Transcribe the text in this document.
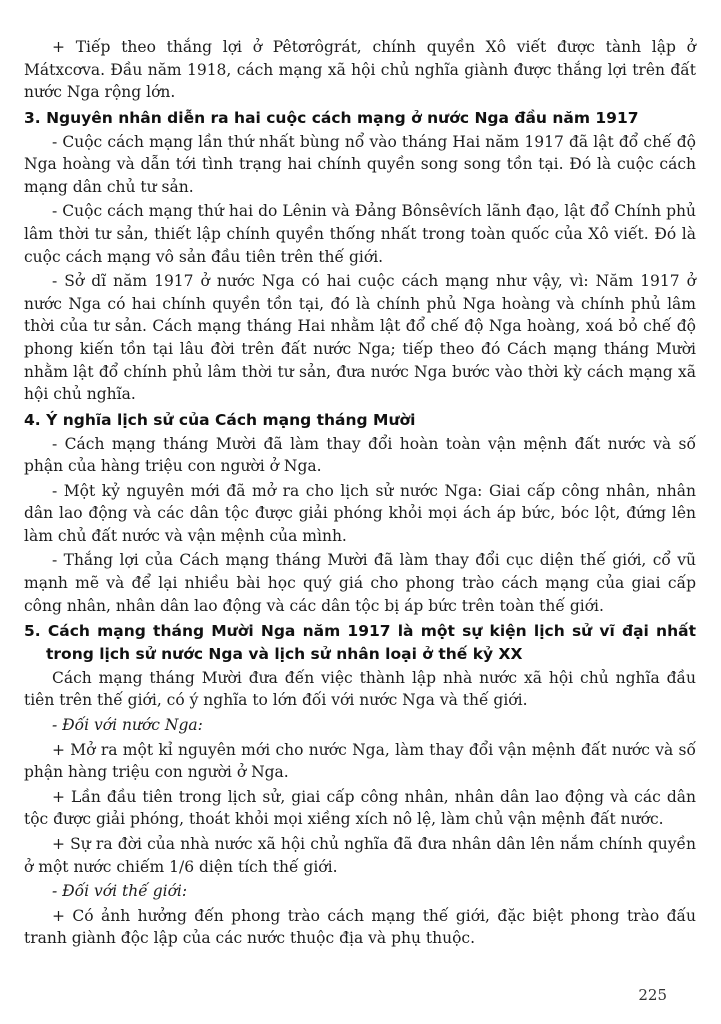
+ Tiếp theo thắng lợi ở Pêtơrôgrát, chính quyền Xô viết được tành lập ở Mátxcơva. Đầu năm 1918, cách mạng xã hội chủ nghĩa giành được thắng lợi trên đất nước Nga rộng lớn.

3. Nguyên nhân diễn ra hai cuộc cách mạng ở nước Nga đầu năm 1917

- Cuộc cách mạng lần thứ nhất bùng nổ vào tháng Hai năm 1917 đã lật đổ chế độ Nga hoàng và dẫn tới tình trạng hai chính quyền song song tồn tại. Đó là cuộc cách mạng dân chủ tư sản.

- Cuộc cách mạng thứ hai do Lênin và Đảng Bônsêvích lãnh đạo, lật đổ Chính phủ lâm thời tư sản, thiết lập chính quyền thống nhất trong toàn quốc của Xô viết. Đó là cuộc cách mạng vô sản đầu tiên trên thế giới.

- Sở dĩ năm 1917 ở nước Nga có hai cuộc cách mạng như vậy, vì: Năm 1917 ở nước Nga có hai chính quyền tồn tại, đó là chính phủ Nga hoàng và chính phủ lâm thời của tư sản. Cách mạng tháng Hai nhằm lật đổ chế độ Nga hoàng, xoá bỏ chế độ phong kiến tồn tại lâu đời trên đất nước Nga; tiếp theo đó Cách mạng tháng Mười nhằm lật đổ chính phủ lâm thời tư sản, đưa nước Nga bước vào thời kỳ cách mạng xã hội chủ nghĩa.

4. Ý nghĩa lịch sử của Cách mạng tháng Mười

- Cách mạng tháng Mười đã làm thay đổi hoàn toàn vận mệnh đất nước và số phận của hàng triệu con người ở Nga.

- Một kỷ nguyên mới đã mở ra cho lịch sử nước Nga: Giai cấp công nhân, nhân dân lao động và các dân tộc được giải phóng khỏi mọi ách áp bức, bóc lột, đứng lên làm chủ đất nước và vận mệnh của mình.

- Thắng lợi của Cách mạng tháng Mười đã làm thay đổi cục diện thế giới, cổ vũ mạnh mẽ và để lại nhiều bài học quý giá cho phong trào cách mạng của giai cấp công nhân, nhân dân lao động và các dân tộc bị áp bức trên toàn thế giới.

5. Cách mạng tháng Mười Nga năm 1917 là một sự kiện lịch sử vĩ đại nhất trong lịch sử nước Nga và lịch sử nhân loại ở thế kỷ XX

Cách mạng tháng Mười đưa đến việc thành lập nhà nước xã hội chủ nghĩa đầu tiên trên thế giới, có ý nghĩa to lớn đối với nước Nga và thế giới.

- Đối với nước Nga:

+ Mở ra một kỉ nguyên mới cho nước Nga, làm thay đổi vận mệnh đất nước và số phận hàng triệu con người ở Nga.

+ Lần đầu tiên trong lịch sử, giai cấp công nhân, nhân dân lao động và các dân tộc được giải phóng, thoát khỏi mọi xiềng xích nô lệ, làm chủ vận mệnh đất nước.

+ Sự ra đời của nhà nước xã hội chủ nghĩa đã đưa nhân dân lên nắm chính quyền ở một nước chiếm 1/6 diện tích thế giới.

- Đối với thế giới:

+ Có ảnh hưởng đến phong trào cách mạng thế giới, đặc biệt phong trào đấu tranh giành độc lập của các nước thuộc địa và phụ thuộc.

225
